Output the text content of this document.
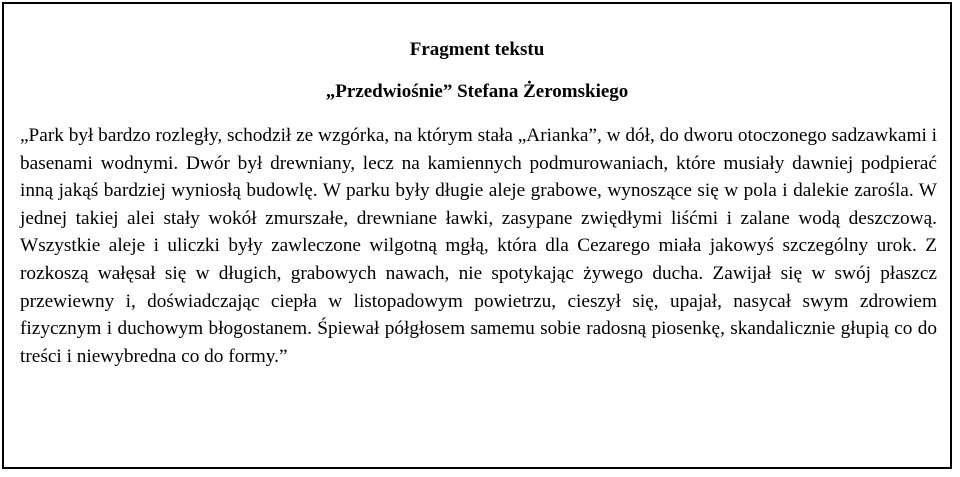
Fragment tekstu
„Przedwiośnie” Stefana Żeromskiego

„Park był bardzo rozległy, schodził ze wzgórka, na którym stała „Arianka”, w dół, do dworu otoczonego sadzawkami i basenami wodnymi. Dwór był drewniany, lecz na kamiennych podmurowaniach, które musiały dawniej podpierać inną jakąś bardziej wyniosłą budowlę. W parku były długie aleje grabowe, wynoszące się w pola i dalekie zarośla. W jednej takiej alei stały wokół zmurszałe, drewniane ławki, zasypane zwiędłymi liśćmi i zalane wodą deszczową. Wszystkie aleje i uliczki były zawleczone wilgotną mgłą, która dla Cezarego miała jakowyś szczególny urok. Z rozkoszą wałęsał się w długich, grabowych nawach, nie spotykając żywego ducha. Zawijał się w swój płaszcz przewiewny i, doświadczając ciepła w listopadowym powietrzu, cieszył się, upajał, nasycał swym zdrowiem fizycznym i duchowym błogostanem. Śpiewał półgłosem samemu sobie radosną piosenkę, skandalicznie głupią co do treści i niewybredna co do formy.”
